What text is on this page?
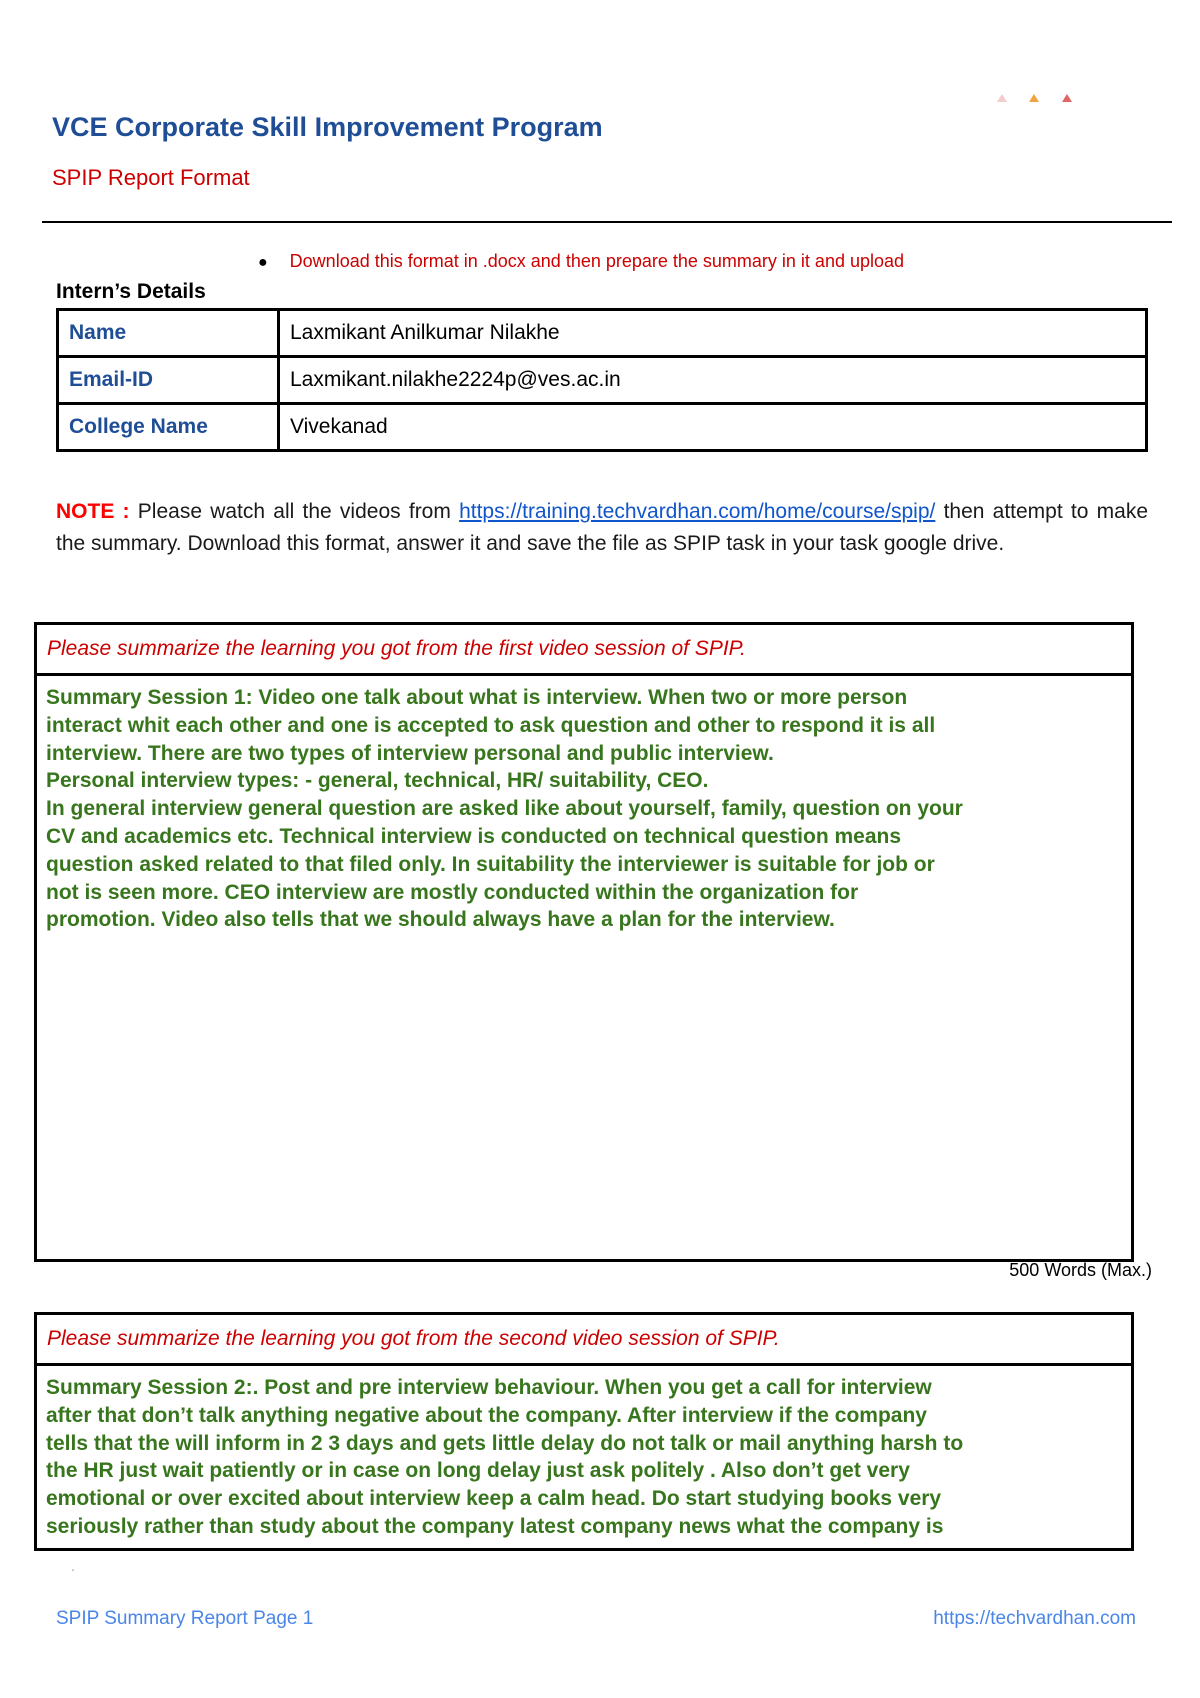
VCE Corporate Skill Improvement Program
SPIP Report Format
● Download this format in .docx and then prepare the summary in it and upload
Intern’s Details
Name	Laxmikant Anilkumar Nilakhe
Email-ID	Laxmikant.nilakhe2224p@ves.ac.in
College Name	Vivekanad
NOTE : Please watch all the videos from https://training.techvardhan.com/home/course/spip/ then attempt to make the summary. Download this format, answer it and save the file as SPIP task in your task google drive.
Please summarize the learning you got from the first video session of SPIP.
Summary Session 1: Video one talk about what is interview. When two or more person
interact whit each other and one is accepted to ask question and other to respond it is all
interview. There are two types of interview personal and public interview.
Personal interview types: - general, technical, HR/ suitability, CEO.
In general interview general question are asked like about yourself, family, question on your
CV and academics etc. Technical interview is conducted on technical question means
question asked related to that filed only. In suitability the interviewer is suitable for job or
not is seen more. CEO interview are mostly conducted within the organization for
promotion. Video also tells that we should always have a plan for the interview.
500 Words (Max.)
Please summarize the learning you got from the second video session of SPIP.
Summary Session 2:. Post and pre interview behaviour. When you get a call for interview
after that don’t talk anything negative about the company. After interview if the company
tells that the will inform in 2 3 days and gets little delay do not talk or mail anything harsh to
the HR just wait patiently or in case on long delay just ask politely . Also don’t get very
emotional or over excited about interview keep a calm head. Do start studying books very
seriously rather than study about the company latest company news what the company is
'
SPIP Summary Report Page 1	https://techvardhan.com
